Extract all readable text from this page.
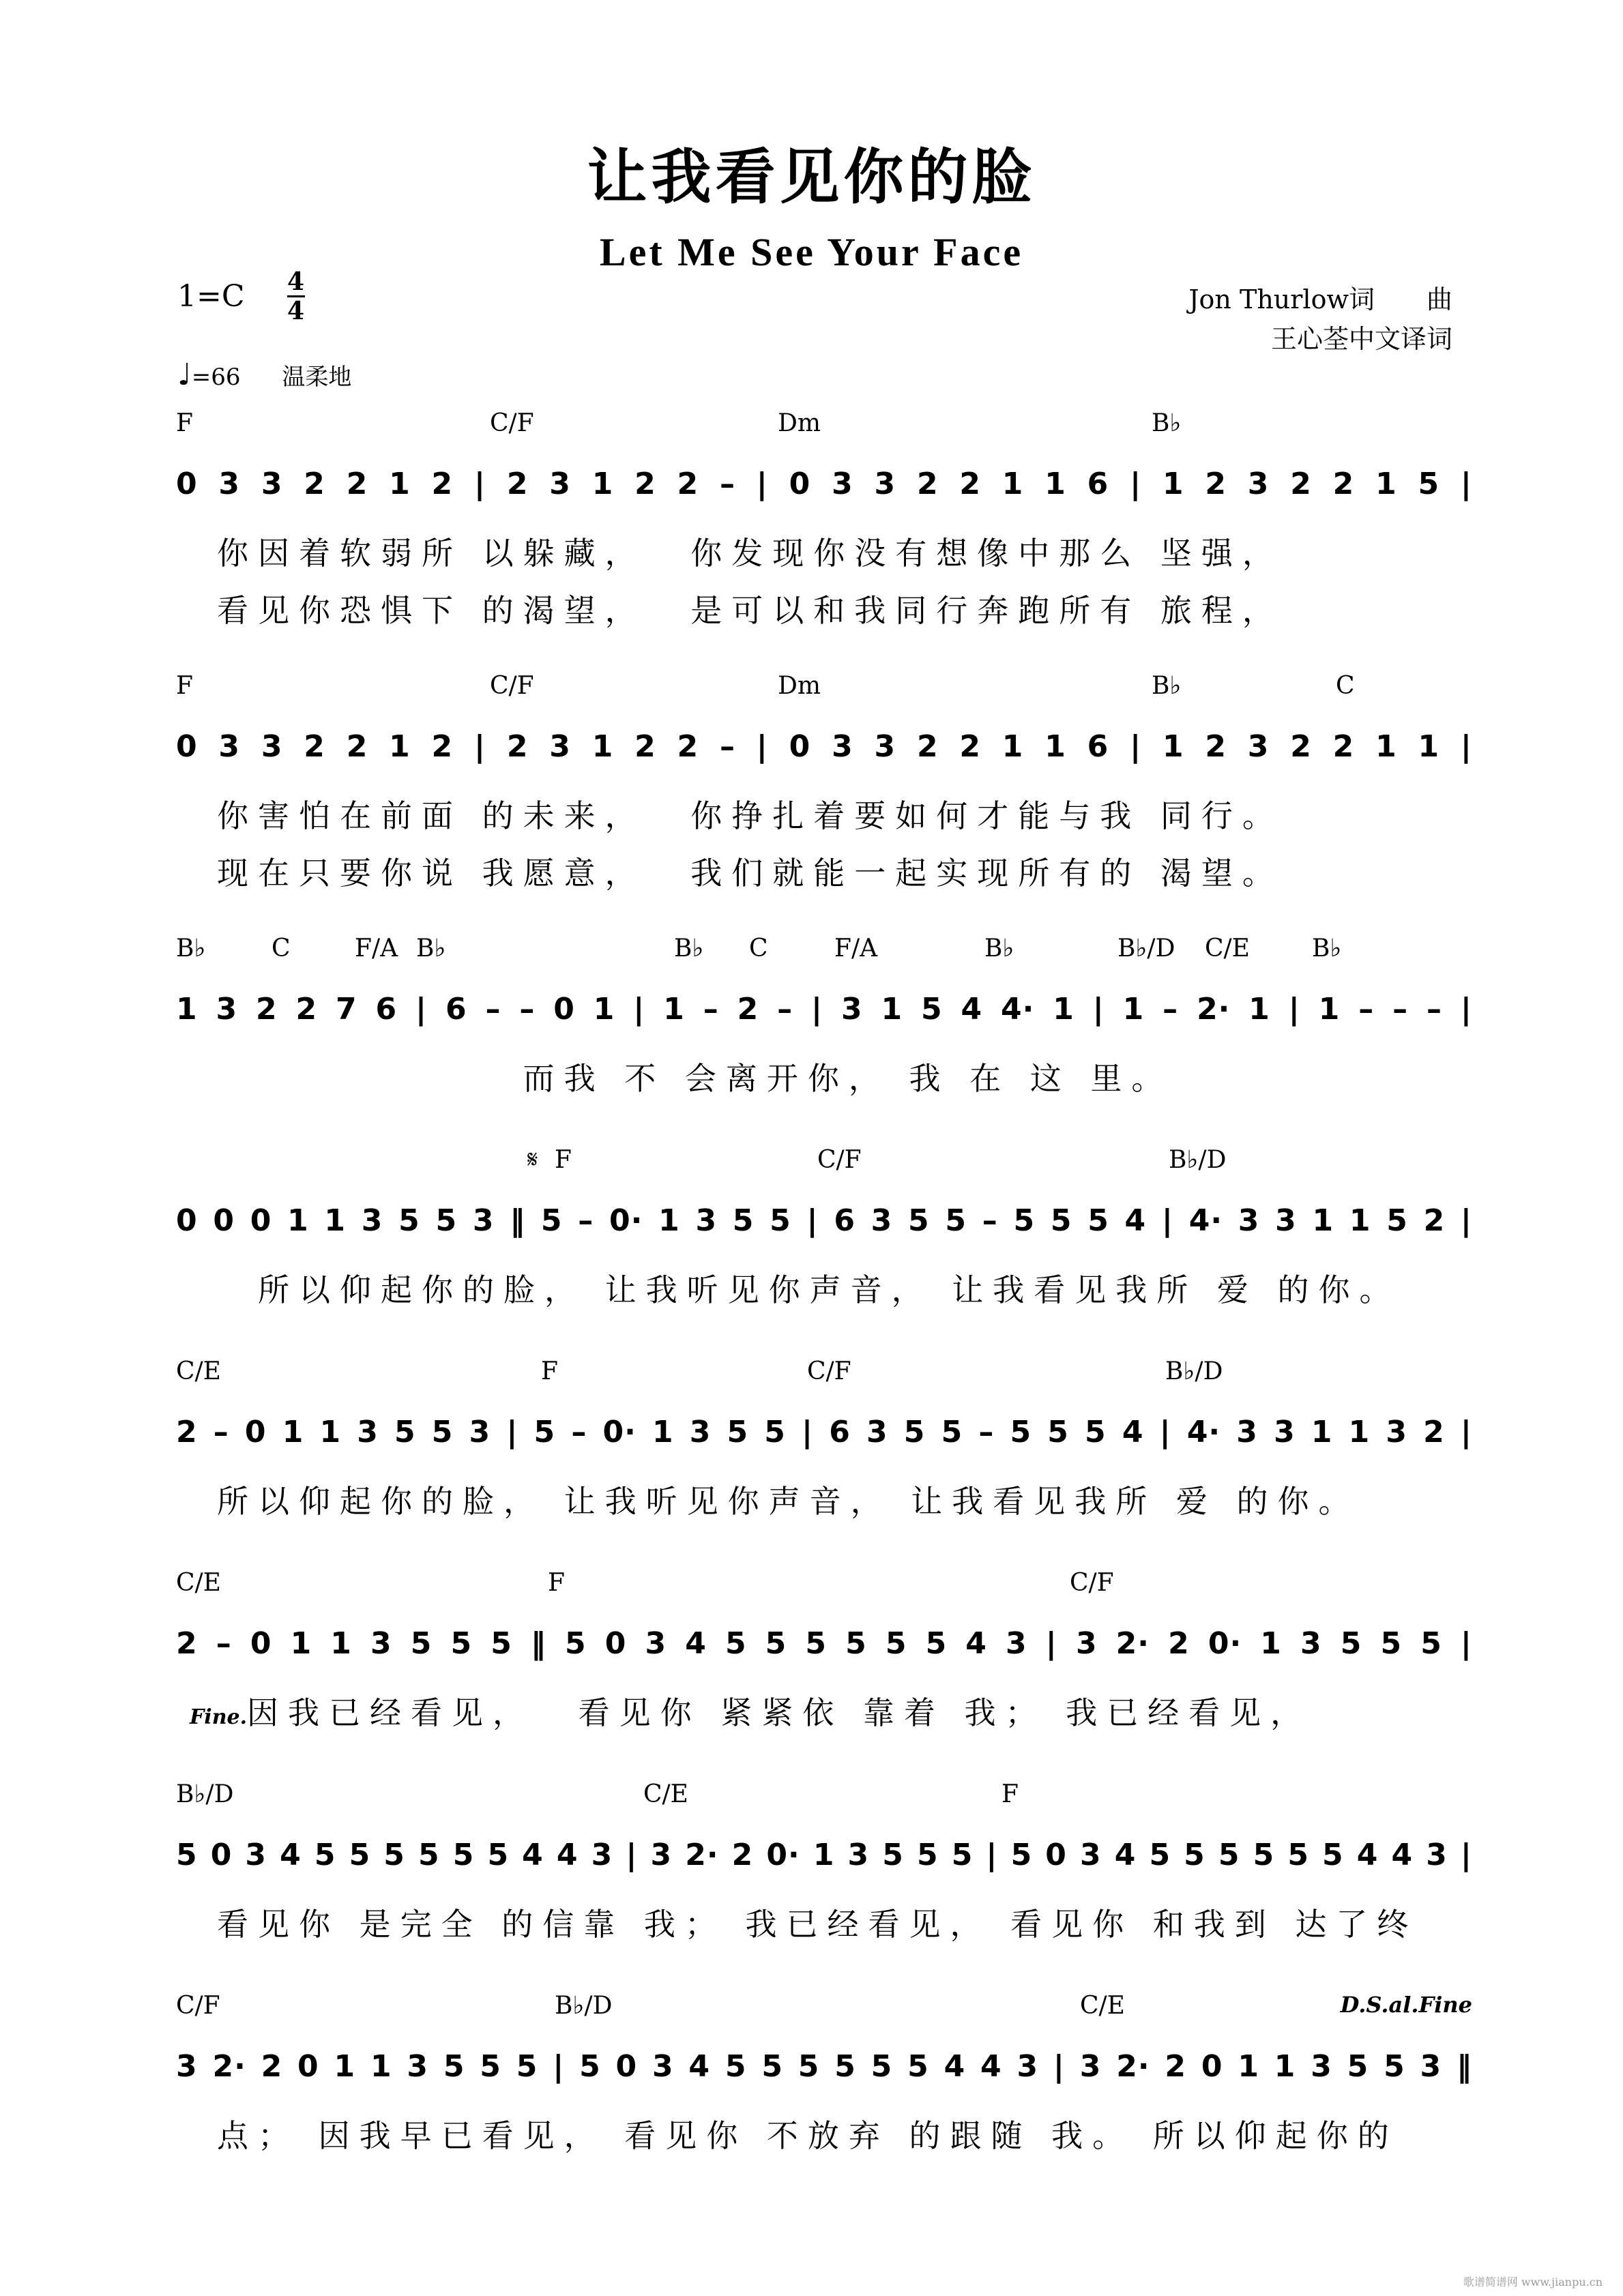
让我看见你的脸
Let Me See Your Face
$1=C \frac{4}{4}$
♩=66 温柔地
Jon Thurlow词　　曲
王心荃中文译词
F	C/F	Dm	B♭
0 3 3 2 2 1 2 | 2 3 1 2 2 – | 0 3 3 2 2 1 1 6 | 1 2 3 2 2 1 5 |
你因着软弱所 以躲藏，　 你发现你没有想像中那么 坚强，
看见你恐惧下 的渴望，　 是可以和我同行奔跑所有 旅程，
F	C/F	Dm	B♭	C
0 3 3 2 2 1 2 | 2 3 1 2 2 – | 0 3 3 2 2 1 1 6 | 1 2 3 2 2 1 1 |
你害怕在前面 的未来，　 你挣扎着要如何才能与我 同行。
现在只要你说 我愿意，　 我们就能一起实现所有的 渴望。
B♭	C	F/A B♭	B♭ C	F/A	B♭	B♭/D C/E	B♭
1 3 2 2 7 6 | 6 – – 0 1 | 1 – 2 – | 3 1 5 4 4· 1 | 1 – 2· 1 | 1 – – – |
　　　　　　　 而我 不 会离开你， 我 在 这 里。
𝄋 F	C/F	B♭/D
0 0 0 1 1 3 5 5 3 ‖ 5 – 0· 1 3 5 5 | 6 3 5 5 – 5 5 5 4 | 4· 3 3 1 1 5 2 |
　所以仰起你的脸， 让我听见你声音， 让我看见我所 爱 的你。
C/E	F	C/F	B♭/D
2 – 0 1 1 3 5 5 3 | 5 – 0· 1 3 5 5 | 6 3 5 5 – 5 5 5 4 | 4· 3 3 1 1 3 2 |
所以仰起你的脸， 让我听见你声音， 让我看见我所 爱 的你。
C/E	F	C/F
2 – 0 1 1 3 5 5 5 ‖ 5 0 3 4 5 5 5 5 5 5 4 3 | 3 2· 2 0· 1 3 5 5 5 |
Fine.因我已经看见，　 看见你 紧紧依 靠着 我； 我已经看见，
B♭/D	C/E	F
5 0 3 4 5 5 5 5 5 5 4 4 3 | 3 2· 2 0· 1 3 5 5 5 | 5 0 3 4 5 5 5 5 5 5 4 4 3 |
看见你 是完全 的信靠 我； 我已经看见， 看见你 和我到 达了终
C/F	B♭/D	C/E	D.S.al.Fine
3 2· 2 0 1 1 3 5 5 5 | 5 0 3 4 5 5 5 5 5 5 4 4 3 | 3 2· 2 0 1 1 3 5 5 3 ‖
点； 因我早已看见， 看见你 不放弃 的跟随 我。 所以仰起你的
歌谱简谱网 www.jianpu.cn
